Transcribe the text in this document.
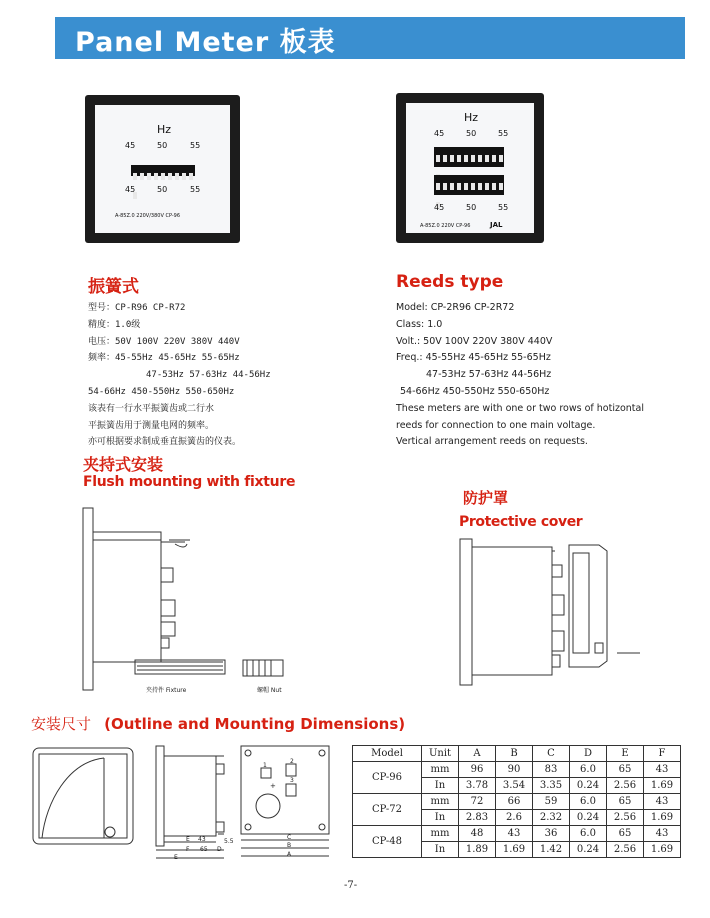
Panel Meter 板表
Hz
45	50	55
45	50	55
A-85Z.0 220V/380V CP-96
Hz
45	50	55
45	50	55
A-85Z.0 220V CP-96	JAL
振簧式
型号：CP-R96 CP-R72
精度：1.0级
电压：50V 100V 220V 380V 440V
频率：45-55Hz 45-65Hz 55-65Hz
47-53Hz 57-63Hz 44-56Hz
54-66Hz 450-550Hz 550-650Hz
该表有一行水平振簧齿或二行水
平振簧齿用于测量电网的频率。
亦可根据要求制成垂直振簧齿的仪表。
Reeds type
Model: CP-2R96 CP-2R72
Class: 1.0
Volt.: 50V 100V 220V 380V 440V
Freq.: 45-55Hz 45-65Hz 55-65Hz
47-53Hz 57-63Hz 44-56Hz
54-66Hz 450-550Hz 550-650Hz
These meters are with one or two rows of hotizontal
reeds for connection to one main voltage.
Vertical arrangement reeds on requests.
夹持式安装
Flush mounting with fixture
夹持件 Fixture	螺帽 Nut
防护罩
Protective cover
安装尺寸 (Outline and Mounting Dimensions)
E 43	5.5
F 65 D
E
C
B
A
+
1
2
3
Model	Unit	A	B	C	D	E	F
CP-96	mm	96	90	83	6.0	65	43
	In	3.78	3.54	3.35	0.24	2.56	1.69
CP-72	mm	72	66	59	6.0	65	43
	In	2.83	2.6	2.32	0.24	2.56	1.69
CP-48	mm	48	43	36	6.0	65	43
	In	1.89	1.69	1.42	0.24	2.56	1.69
-7-
